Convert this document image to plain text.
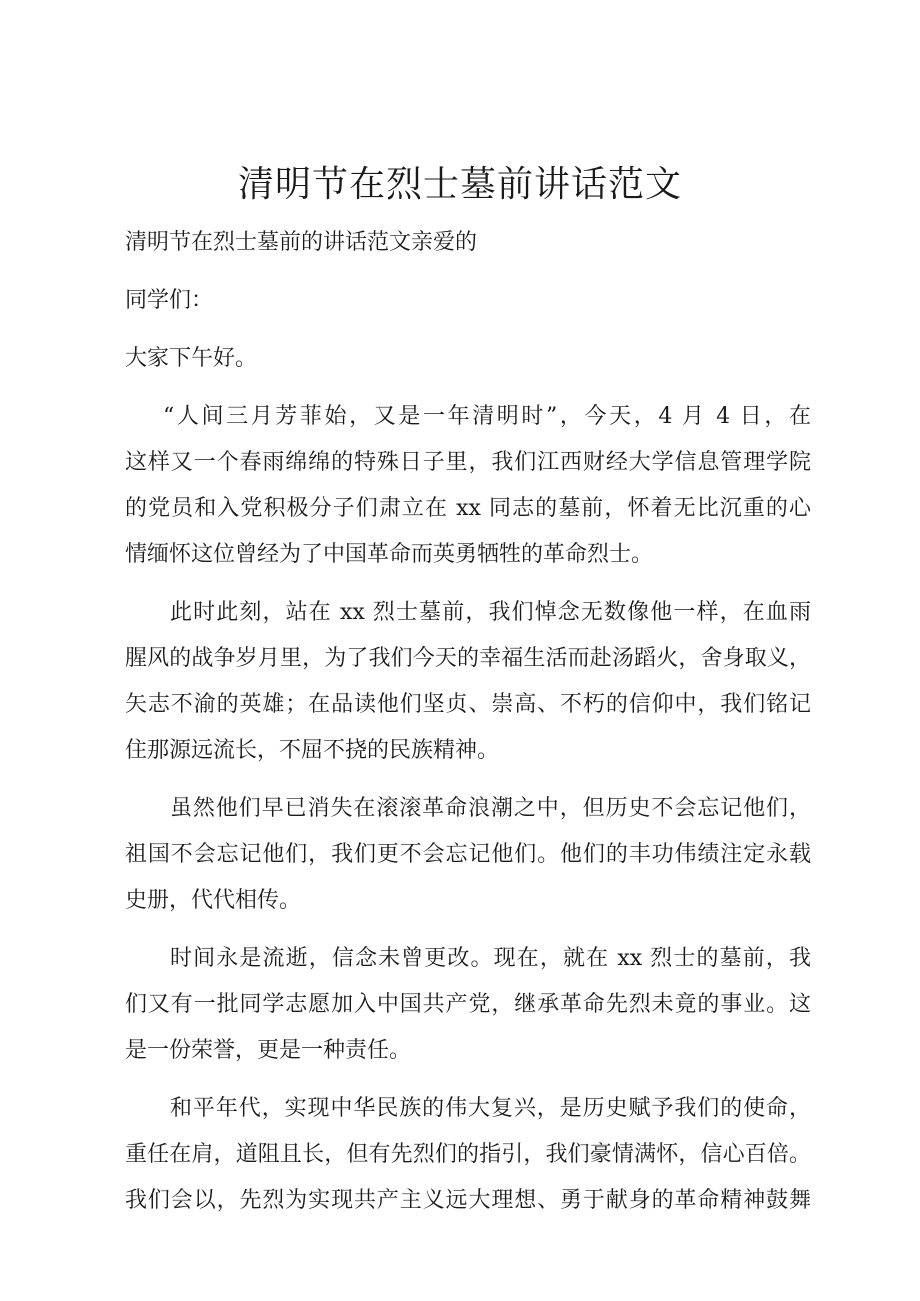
清明节在烈士墓前讲话范文

清明节在烈士墓前的讲话范文亲爱的

同学们：

大家下午好。

“人间三月芳菲始，又是一年清明时”，今天，4 月 4 日，在

这样又一个春雨绵绵的特殊日子里，我们江西财经大学信息管理学院

的党员和入党积极分子们肃立在 xx 同志的墓前，怀着无比沉重的心

情缅怀这位曾经为了中国革命而英勇牺牲的革命烈士。

此时此刻，站在 xx 烈士墓前，我们悼念无数像他一样，在血雨

腥风的战争岁月里，为了我们今天的幸福生活而赴汤蹈火，舍身取义，

矢志不渝的英雄；在品读他们坚贞、崇高、不朽的信仰中，我们铭记

住那源远流长，不屈不挠的民族精神。

虽然他们早已消失在滚滚革命浪潮之中，但历史不会忘记他们，

祖国不会忘记他们，我们更不会忘记他们。他们的丰功伟绩注定永载

史册，代代相传。

时间永是流逝，信念未曾更改。现在，就在 xx 烈士的墓前，我

们又有一批同学志愿加入中国共产党，继承革命先烈未竟的事业。这

是一份荣誉，更是一种责任。

和平年代，实现中华民族的伟大复兴，是历史赋予我们的使命，

重任在肩，道阻且长，但有先烈们的指引，我们豪情满怀，信心百倍。

我们会以，先烈为实现共产主义远大理想、勇于献身的革命精神鼓舞
